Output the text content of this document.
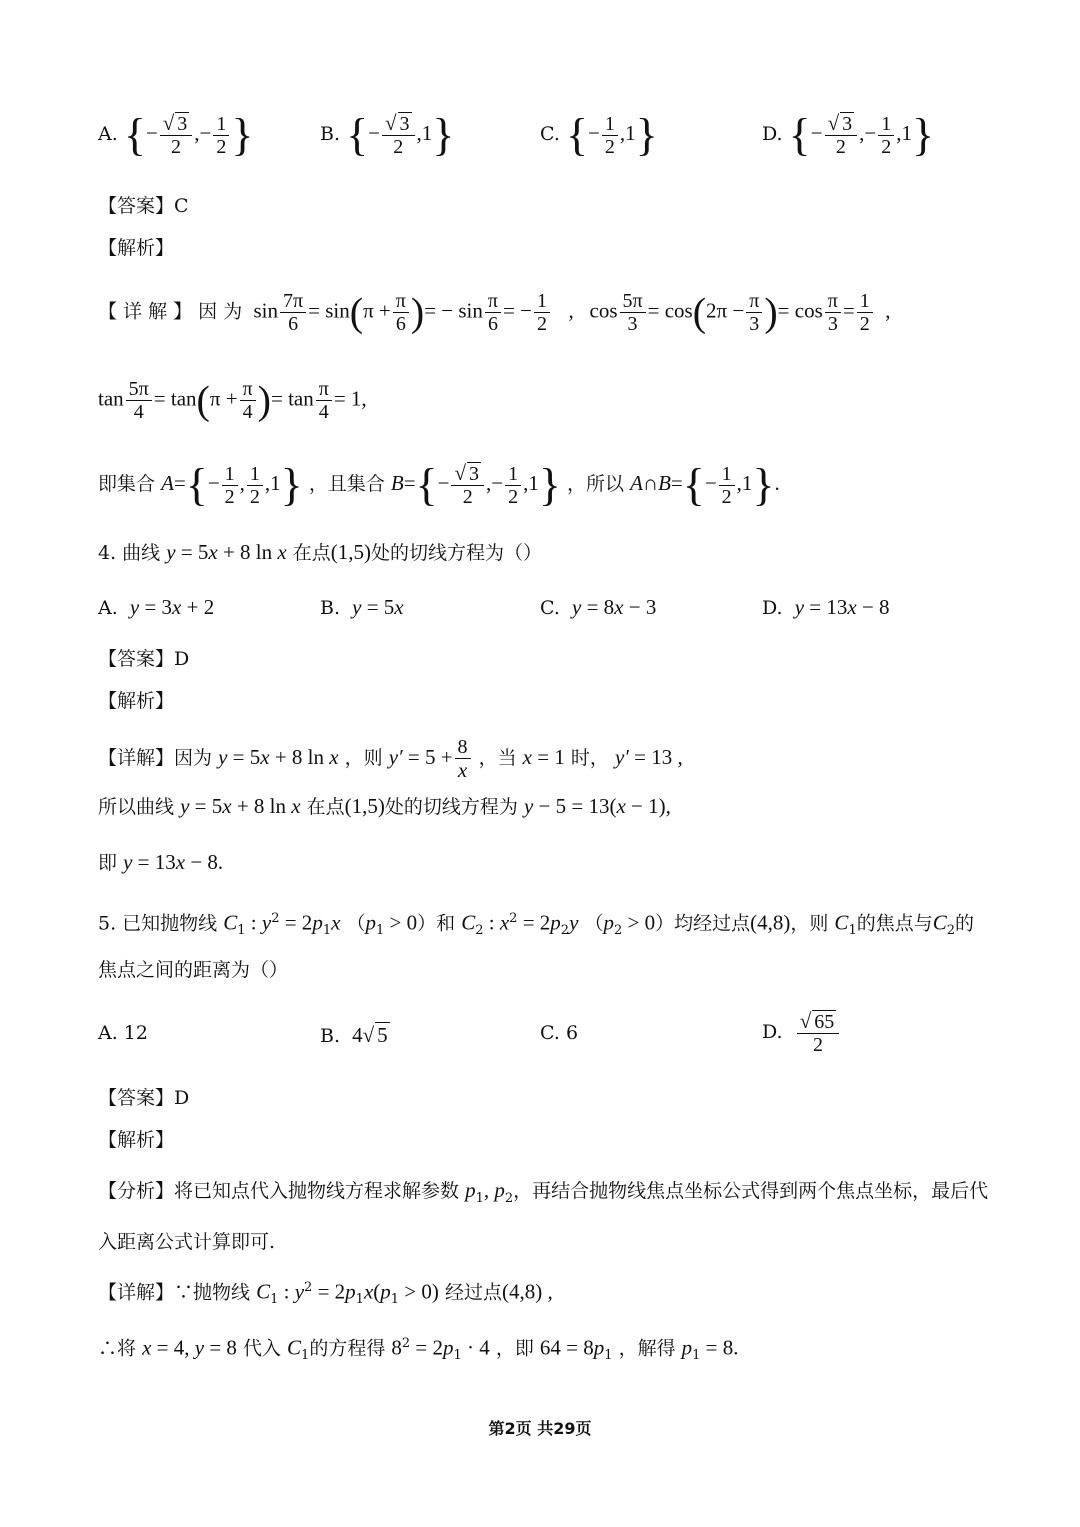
A. {− $\frac{√ 3}{2}$ ,− $\frac{1}{2}$ }	B. {− $\frac{√ 3}{2} ,1$}	C. {− $\frac{1}{2} ,1$}	D. {− $\frac{√ 3}{2}$ ,− $\frac{1}{2} ,1$}
【答案】C
【解析】
【 详 解 】 因 为  $\sin \frac{7\pi}{6} = \sin(\pi + \frac{\pi}{6}$ )= − $\sin \frac{\pi}{6}$ = − $\frac{1}{2}$ ,   $\cos \frac{5\pi}{3} = \cos(2\pi - \frac{\pi}{3}$ )= $\cos \frac{\pi}{3} = \frac{1}{2}$ ,
$\tan \frac{5\pi}{4} = \tan(\pi + \frac{\pi}{4}$ )= $\tan \frac{\pi}{4} = 1$,
即集合 $A=\{- \frac{1}{2}$ , $\frac{1}{2} ,1$} ，且集合 $B=\{- \frac{√ 3}{2}$ ,− $\frac{1}{2} ,1$} ，所以 A∩B={− $\frac{1}{2} ,1$}.
4. 曲线 y = 5x + 8 ln x 在点(1,5)处的切线方程为（）
A. y = 3x + 2	B. y = 5x	C. y = 8x − 3	D. y = 13x − 8
【答案】D
【解析】
【详解】因为 y = 5x + 8 ln x ，则 $y' = 5 + \frac{8}{x}$ ，当 x = 1 时， y′ = 13 ,
所以曲线 y = 5x + 8 ln x 在点(1,5)处的切线方程为 y − 5 = 13(x − 1),
即 y = 13x − 8.
5. 已知抛物线 $C_1$ : $y^2 = 2p_1x$ $(p_1 > 0)$和 $C_2$ : $x^2 = 2p_2y$ $(p_2 > 0)$均经过点(4,8)，则 $C_1$的焦点与$C_2$的
焦点之间的距离为（）
A. 12	B. 4√ 5	C. 6	D. $\frac{√ 65}{2}$
【答案】D
【解析】
【分析】将已知点代入抛物线方程求解参数 $p_1$, $p_2$，再结合抛物线焦点坐标公式得到两个焦点坐标，最后代
入距离公式计算即可.
【详解】∵抛物线 $C_1$ : $y^2 = 2p_1x(p_1 > 0)$ 经过点(4,8) ,
∴将 x = 4, y = 8 代入 $C_1$的方程得 $8^2 = 2p_1 \cdot 4$ ，即 $64 = 8p_1$ ，解得 $p_1 = 8$.
第2页 共29页
